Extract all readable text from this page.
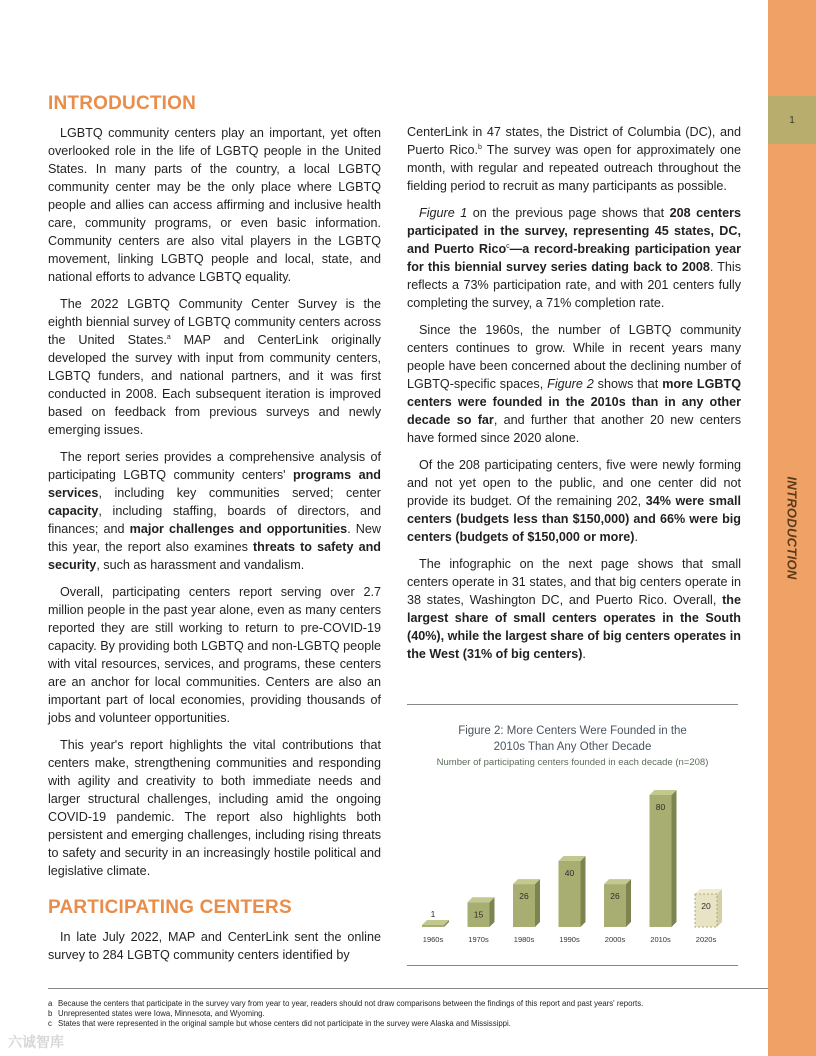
1
INTRODUCTION
INTRODUCTION

LGBTQ community centers play an important, yet often overlooked role in the life of LGBTQ people in the United States. In many parts of the country, a local LGBTQ community center may be the only place where LGBTQ people and allies can access affirming and inclusive health care, community programs, or even basic information. Community centers are also vital players in the LGBTQ movement, linking LGBTQ people and local, state, and national efforts to advance LGBTQ equality.

The 2022 LGBTQ Community Center Survey is the eighth biennial survey of LGBTQ community centers across the United States.$^a$ MAP and CenterLink originally developed the survey with input from community centers, LGBTQ funders, and national partners, and it was first conducted in 2008. Each subsequent iteration is improved based on feedback from previous surveys and newly emerging issues.

The report series provides a comprehensive analysis of participating LGBTQ community centers' programs and services, including key communities served; center capacity, including staffing, boards of directors, and finances; and major challenges and opportunities. New this year, the report also examines threats to safety and security, such as harassment and vandalism.

Overall, participating centers report serving over 2.7 million people in the past year alone, even as many centers reported they are still working to return to pre-COVID-19 capacity. By providing both LGBTQ and non-LGBTQ people with vital resources, services, and programs, these centers are an anchor for local communities. Centers are also an important part of local economies, providing thousands of jobs and volunteer opportunities.

This year's report highlights the vital contributions that centers make, strengthening communities and responding with agility and creativity to both immediate needs and larger structural challenges, including amid the ongoing COVID-19 pandemic. The report also highlights both persistent and emerging challenges, including rising threats to safety and security in an increasingly hostile political and legislative climate.

PARTICIPATING CENTERS

In late July 2022, MAP and CenterLink sent the online survey to 284 LGBTQ community centers identified by

CenterLink in 47 states, the District of Columbia (DC), and Puerto Rico.$^b$ The survey was open for approximately one month, with regular and repeated outreach throughout the fielding period to recruit as many participants as possible.

Figure 1 on the previous page shows that 208 centers participated in the survey, representing 45 states, DC, and Puerto Rico$^c$—a record-breaking participation year for this biennial survey series dating back to 2008. This reflects a 73% participation rate, and with 201 centers fully completing the survey, a 71% completion rate.

Since the 1960s, the number of LGBTQ community centers continues to grow. While in recent years many people have been concerned about the declining number of LGBTQ-specific spaces, Figure 2 shows that more LGBTQ centers were founded in the 2010s than in any other decade so far, and further that another 20 new centers have formed since 2020 alone.

Of the 208 participating centers, five were newly forming and not yet open to the public, and one center did not provide its budget. Of the remaining 202, 34% were small centers (budgets less than $150,000) and 66% were big centers (budgets of $150,000 or more).

The infographic on the next page shows that small centers operate in 31 states, and that big centers operate in 38 states, Washington DC, and Puerto Rico. Overall, the largest share of small centers operates in the South (40%), while the largest share of big centers operates in the West (31% of big centers).

Figure 2: More Centers Were Founded in the
2010s Than Any Other Decade
Number of participating centers founded in each decade (n=208)
1
1960s
15
1970s
26
1980s
40
1990s
26
2000s
80
2010s
20
2020s
a Because the centers that participate in the survey vary from year to year, readers should not draw comparisons between the findings of this report and past years' reports.
b Unrepresented states were Iowa, Minnesota, and Wyoming.
c States that were represented in the original sample but whose centers did not participate in the survey were Alaska and Mississippi.
六诚智库
